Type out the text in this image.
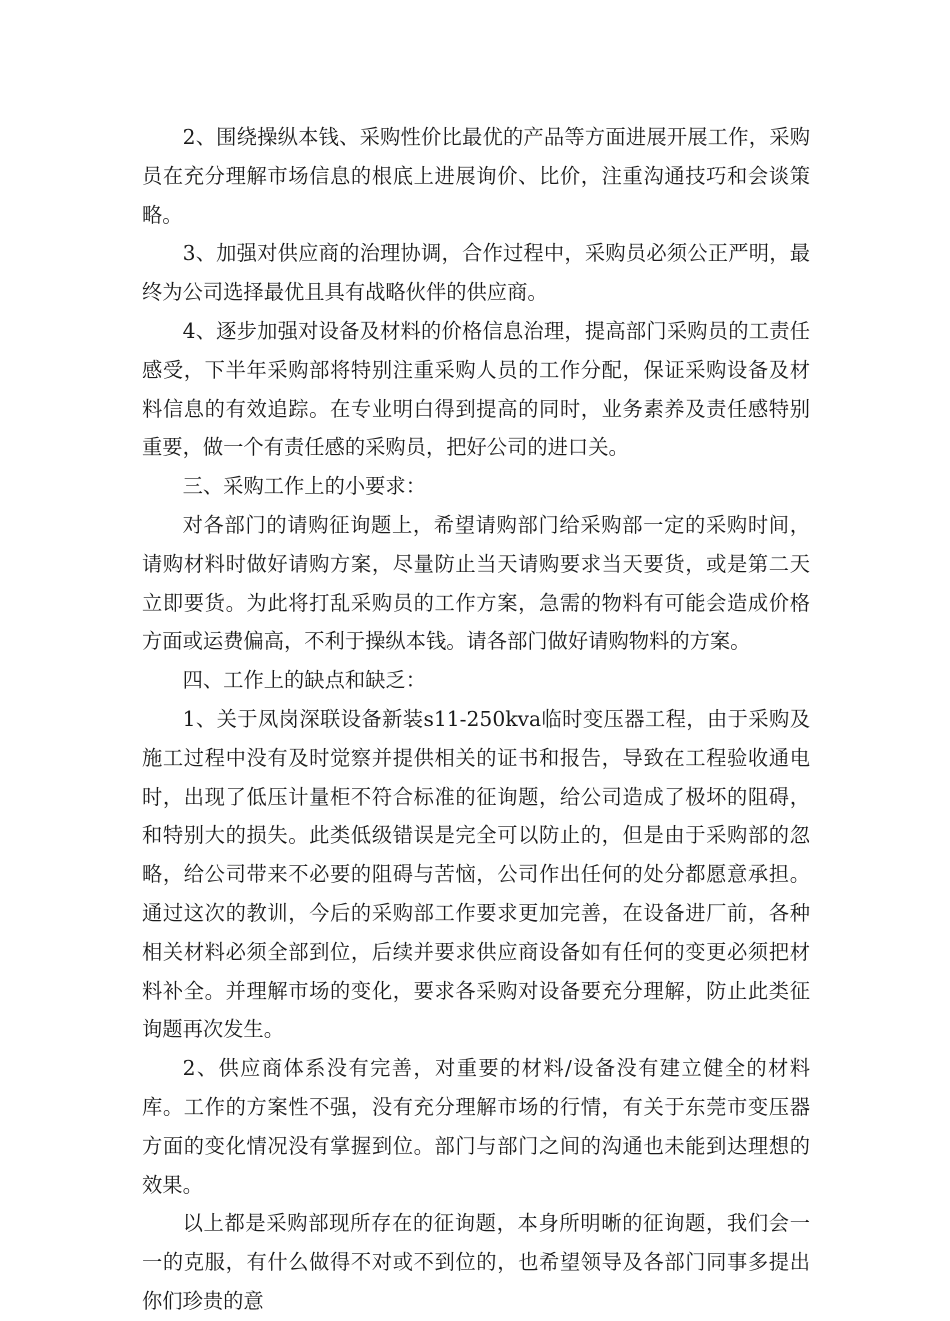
2、围绕操纵本钱、采购性价比最优的产品等方面进展开展工作，采购员在充分理解市场信息的根底上进展询价、比价，注重沟通技巧和会谈策略。

3、加强对供应商的治理协调，合作过程中，采购员必须公正严明，最终为公司选择最优且具有战略伙伴的供应商。

4、逐步加强对设备及材料的价格信息治理，提高部门采购员的工责任感受，下半年采购部将特别注重采购人员的工作分配，保证采购设备及材料信息的有效追踪。在专业明白得到提高的同时，业务素养及责任感特别重要，做一个有责任感的采购员，把好公司的进口关。

三、采购工作上的小要求：

对各部门的请购征询题上，希望请购部门给采购部一定的采购时间，请购材料时做好请购方案，尽量防止当天请购要求当天要货，或是第二天立即要货。为此将打乱采购员的工作方案，急需的物料有可能会造成价格方面或运费偏高，不利于操纵本钱。请各部门做好请购物料的方案。

四、工作上的缺点和缺乏：

1、关于凤岗深联设备新装s11-250kva临时变压器工程，由于采购及施工过程中没有及时觉察并提供相关的证书和报告，导致在工程验收通电时，出现了低压计量柜不符合标准的征询题，给公司造成了极坏的阻碍，和特别大的损失。此类低级错误是完全可以防止的，但是由于采购部的忽略，给公司带来不必要的阻碍与苦恼，公司作出任何的处分都愿意承担。通过这次的教训，今后的采购部工作要求更加完善，在设备进厂前，各种相关材料必须全部到位，后续并要求供应商设备如有任何的变更必须把材料补全。并理解市场的变化，要求各采购对设备要充分理解，防止此类征询题再次发生。

2、供应商体系没有完善，对重要的材料/设备没有建立健全的材料库。工作的方案性不强，没有充分理解市场的行情，有关于东莞市变压器方面的变化情况没有掌握到位。部门与部门之间的沟通也未能到达理想的效果。

以上都是采购部现所存在的征询题，本身所明晰的征询题，我们会一一的克服，有什么做得不对或不到位的，也希望领导及各部门同事多提出你们珍贵的意
